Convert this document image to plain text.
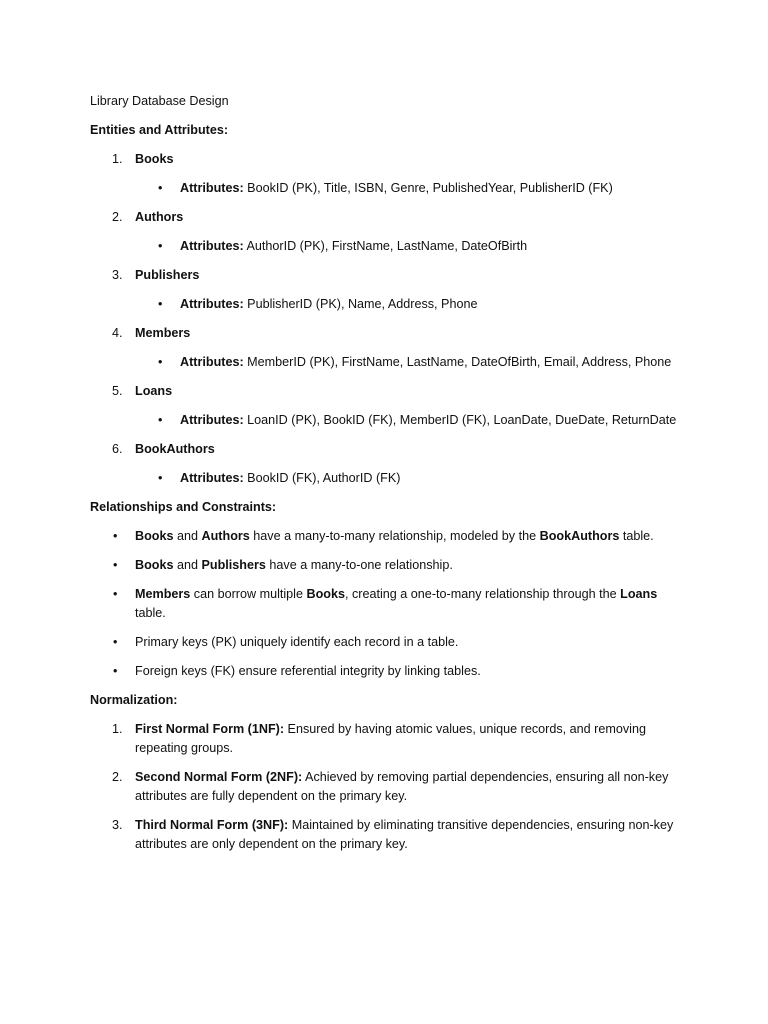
Library Database Design

Entities and Attributes:

1. Books
• Attributes: BookID (PK), Title, ISBN, Genre, PublishedYear, PublisherID (FK)
2. Authors
• Attributes: AuthorID (PK), FirstName, LastName, DateOfBirth
3. Publishers
• Attributes: PublisherID (PK), Name, Address, Phone
4. Members
• Attributes: MemberID (PK), FirstName, LastName, DateOfBirth, Email, Address, Phone
5. Loans
• Attributes: LoanID (PK), BookID (FK), MemberID (FK), LoanDate, DueDate, ReturnDate
6. BookAuthors
• Attributes: BookID (FK), AuthorID (FK)

Relationships and Constraints:

• Books and Authors have a many-to-many relationship, modeled by the BookAuthors table.
• Books and Publishers have a many-to-one relationship.
• Members can borrow multiple Books, creating a one-to-many relationship through the Loans table.
• Primary keys (PK) uniquely identify each record in a table.
• Foreign keys (FK) ensure referential integrity by linking tables.

Normalization:

1. First Normal Form (1NF): Ensured by having atomic values, unique records, and removing repeating groups.
2. Second Normal Form (2NF): Achieved by removing partial dependencies, ensuring all non-key attributes are fully dependent on the primary key.
3. Third Normal Form (3NF): Maintained by eliminating transitive dependencies, ensuring non-key attributes are only dependent on the primary key.
